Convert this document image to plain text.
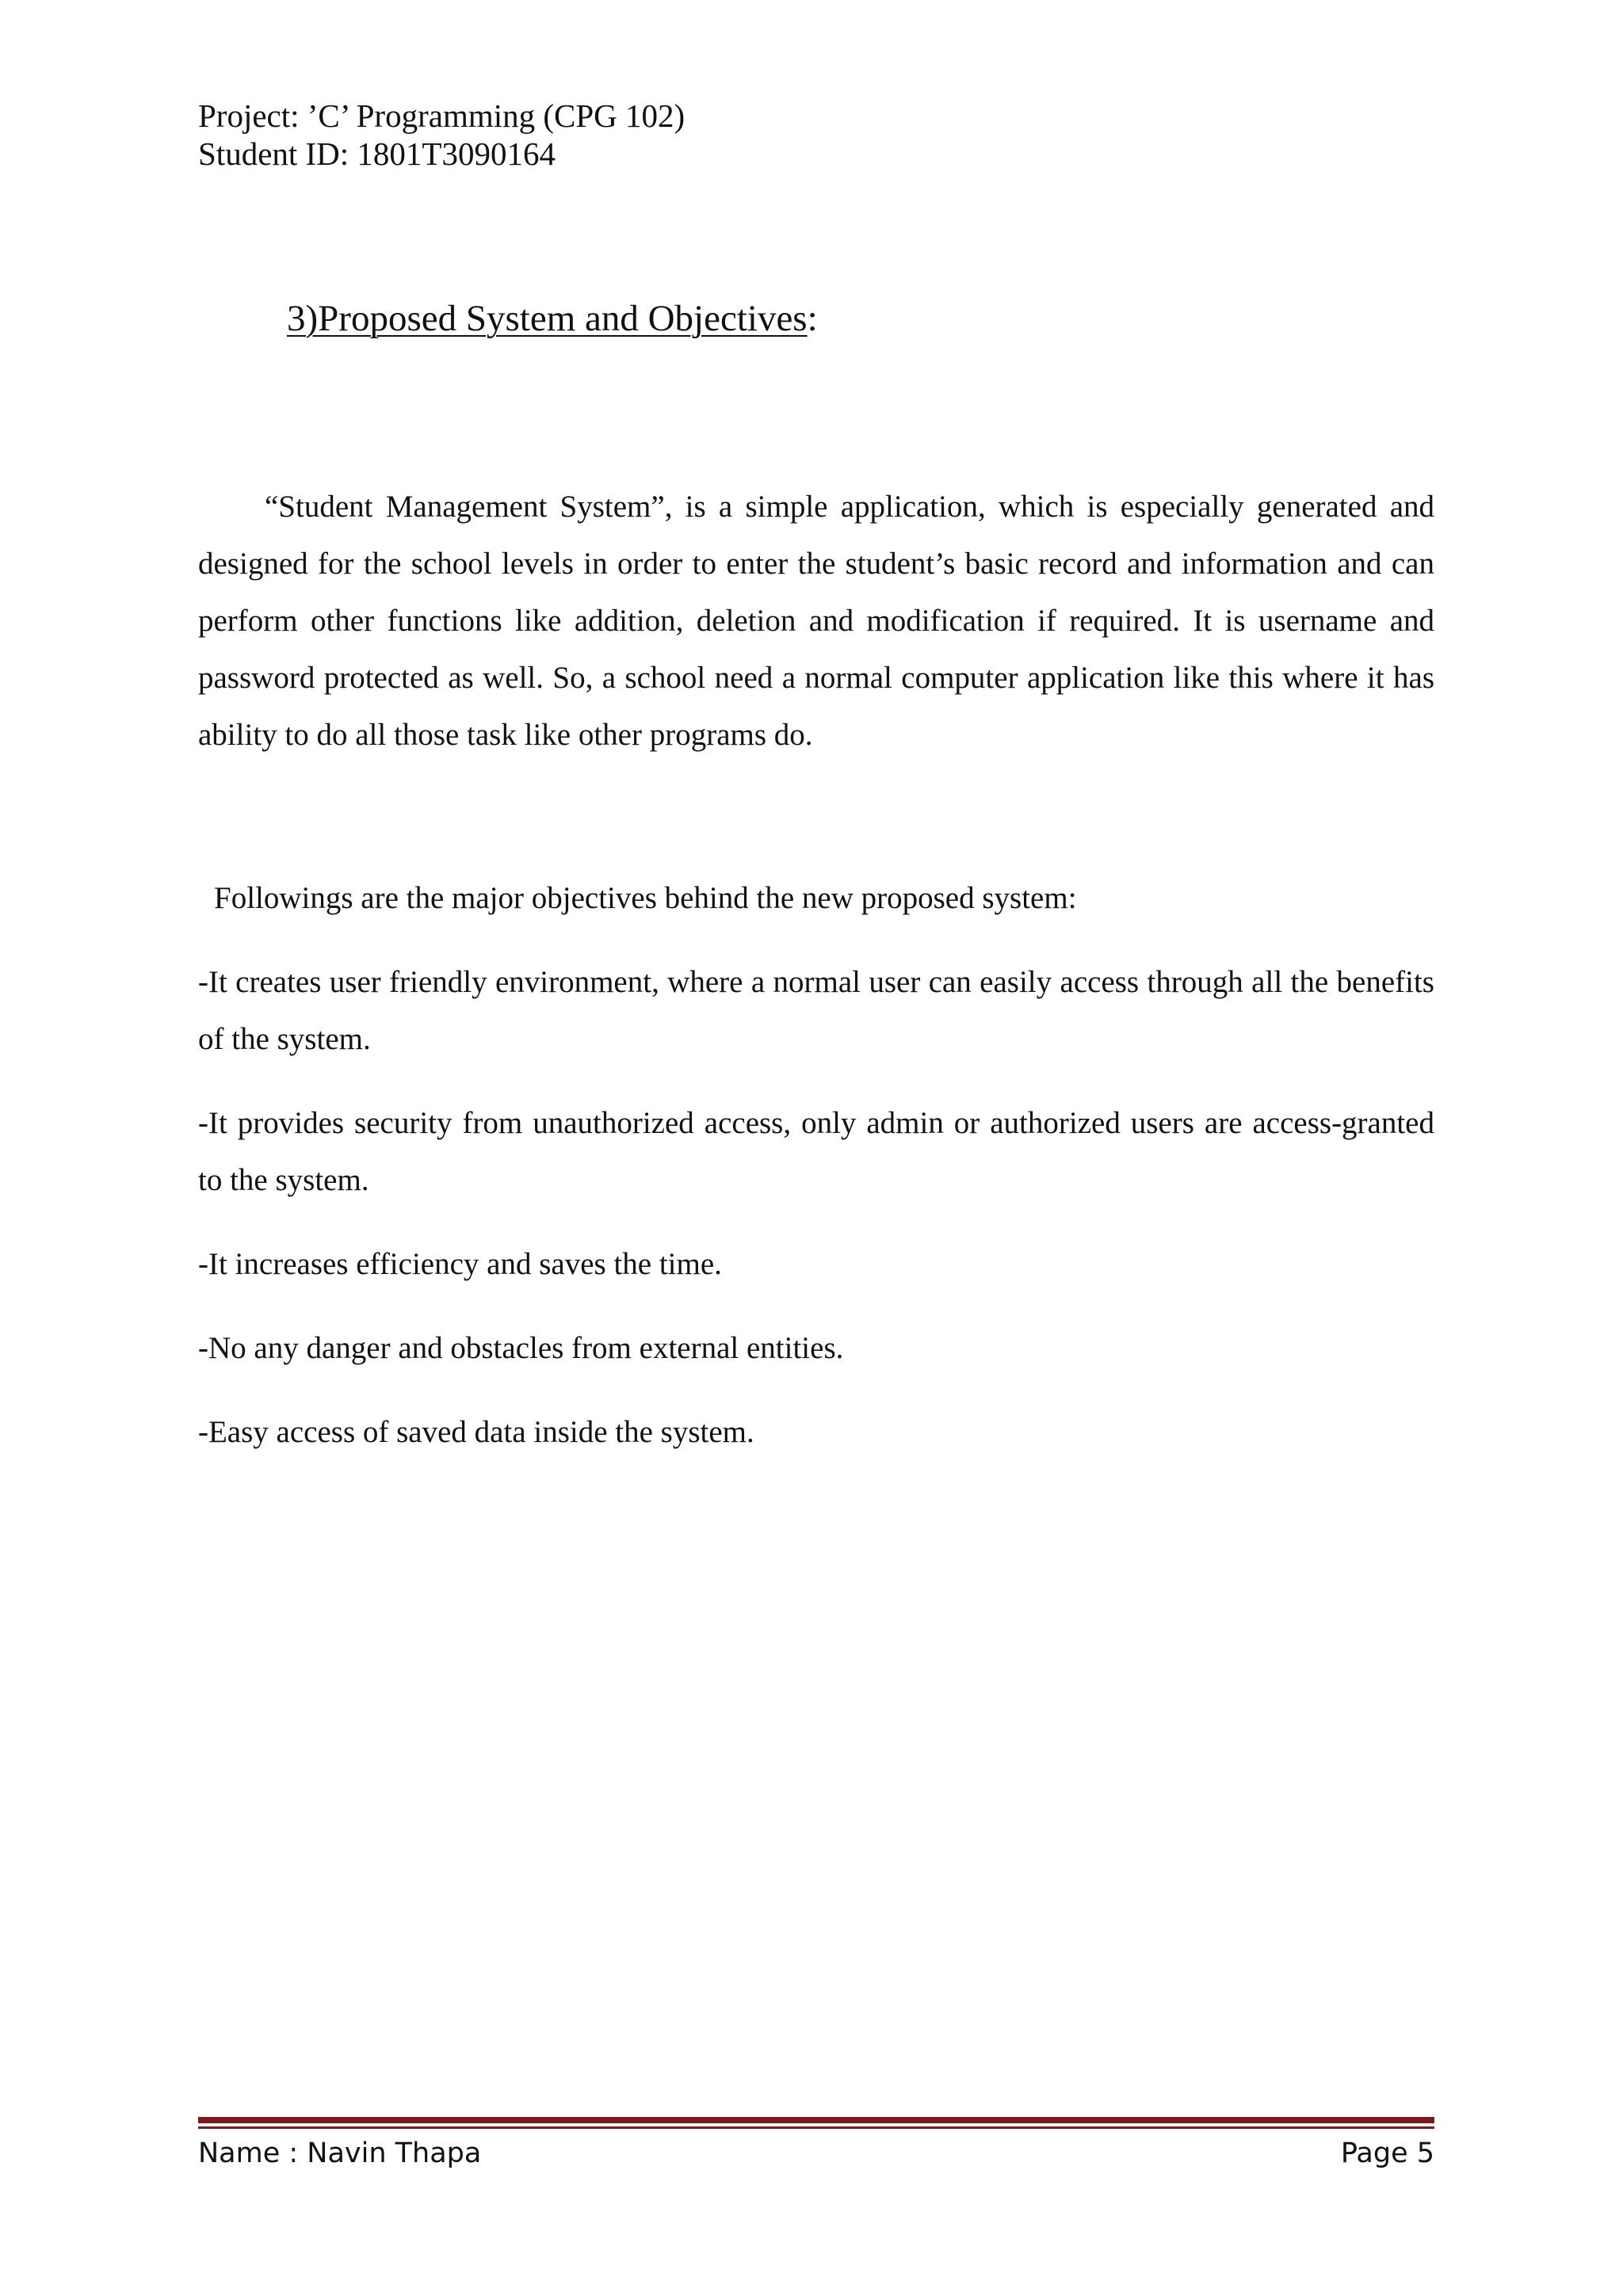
Project: ’C’ Programming (CPG 102)
Student ID: 1801T3090164
3)Proposed System and Objectives:

“Student Management System”, is a simple application, which is especially generated and designed for the school levels in order to enter the student’s basic record and information and can perform other functions like addition, deletion and modification if required. It is username and password protected as well. So, a school need a normal computer application like this where it has ability to do all those task like other programs do.

Followings are the major objectives behind the new proposed system:

-It creates user friendly environment, where a normal user can easily access through all the benefits of the system.
-It provides security from unauthorized access, only admin or authorized users are access-granted to the system.
-It increases efficiency and saves the time.
-No any danger and obstacles from external entities.
-Easy access of saved data inside the system.
Name : Navin Thapa	Page 5
